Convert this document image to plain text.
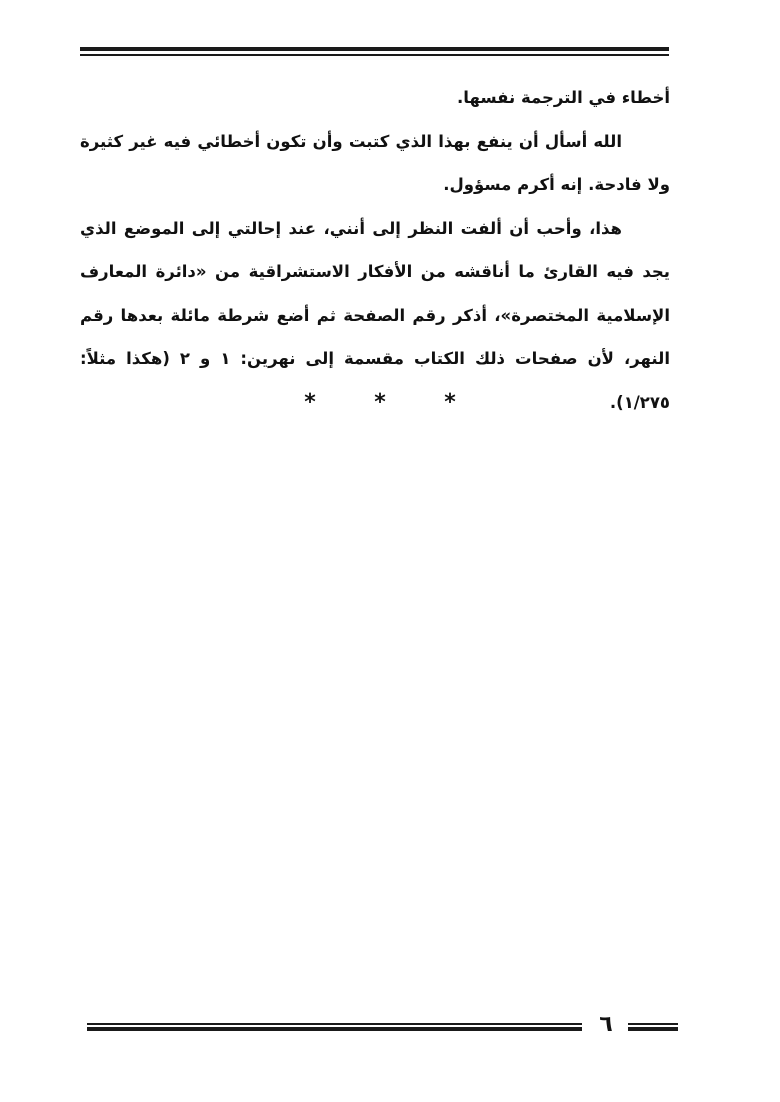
أخطاء في الترجمة نفسها.

الله أسأل أن ينفع بهذا الذي كتبت وأن تكون أخطائي فيه غير كثيرة ولا فادحة. إنه أكرم مسؤول.

هذا، وأحب أن ألفت النظر إلى أنني، عند إحالتي إلى الموضع الذي يجد فيه القارئ ما أناقشه من الأفكار الاستشراقية من «دائرة المعارف الإسلامية المختصرة»، أذكر رقم الصفحة ثم أضع شرطة مائلة بعدها رقم النهر، لأن صفحات ذلك الكتاب مقسمة إلى نهرين: ١ و ٢ (هكذا مثلاً: ١/٢٧٥).

*	*	*
٦
